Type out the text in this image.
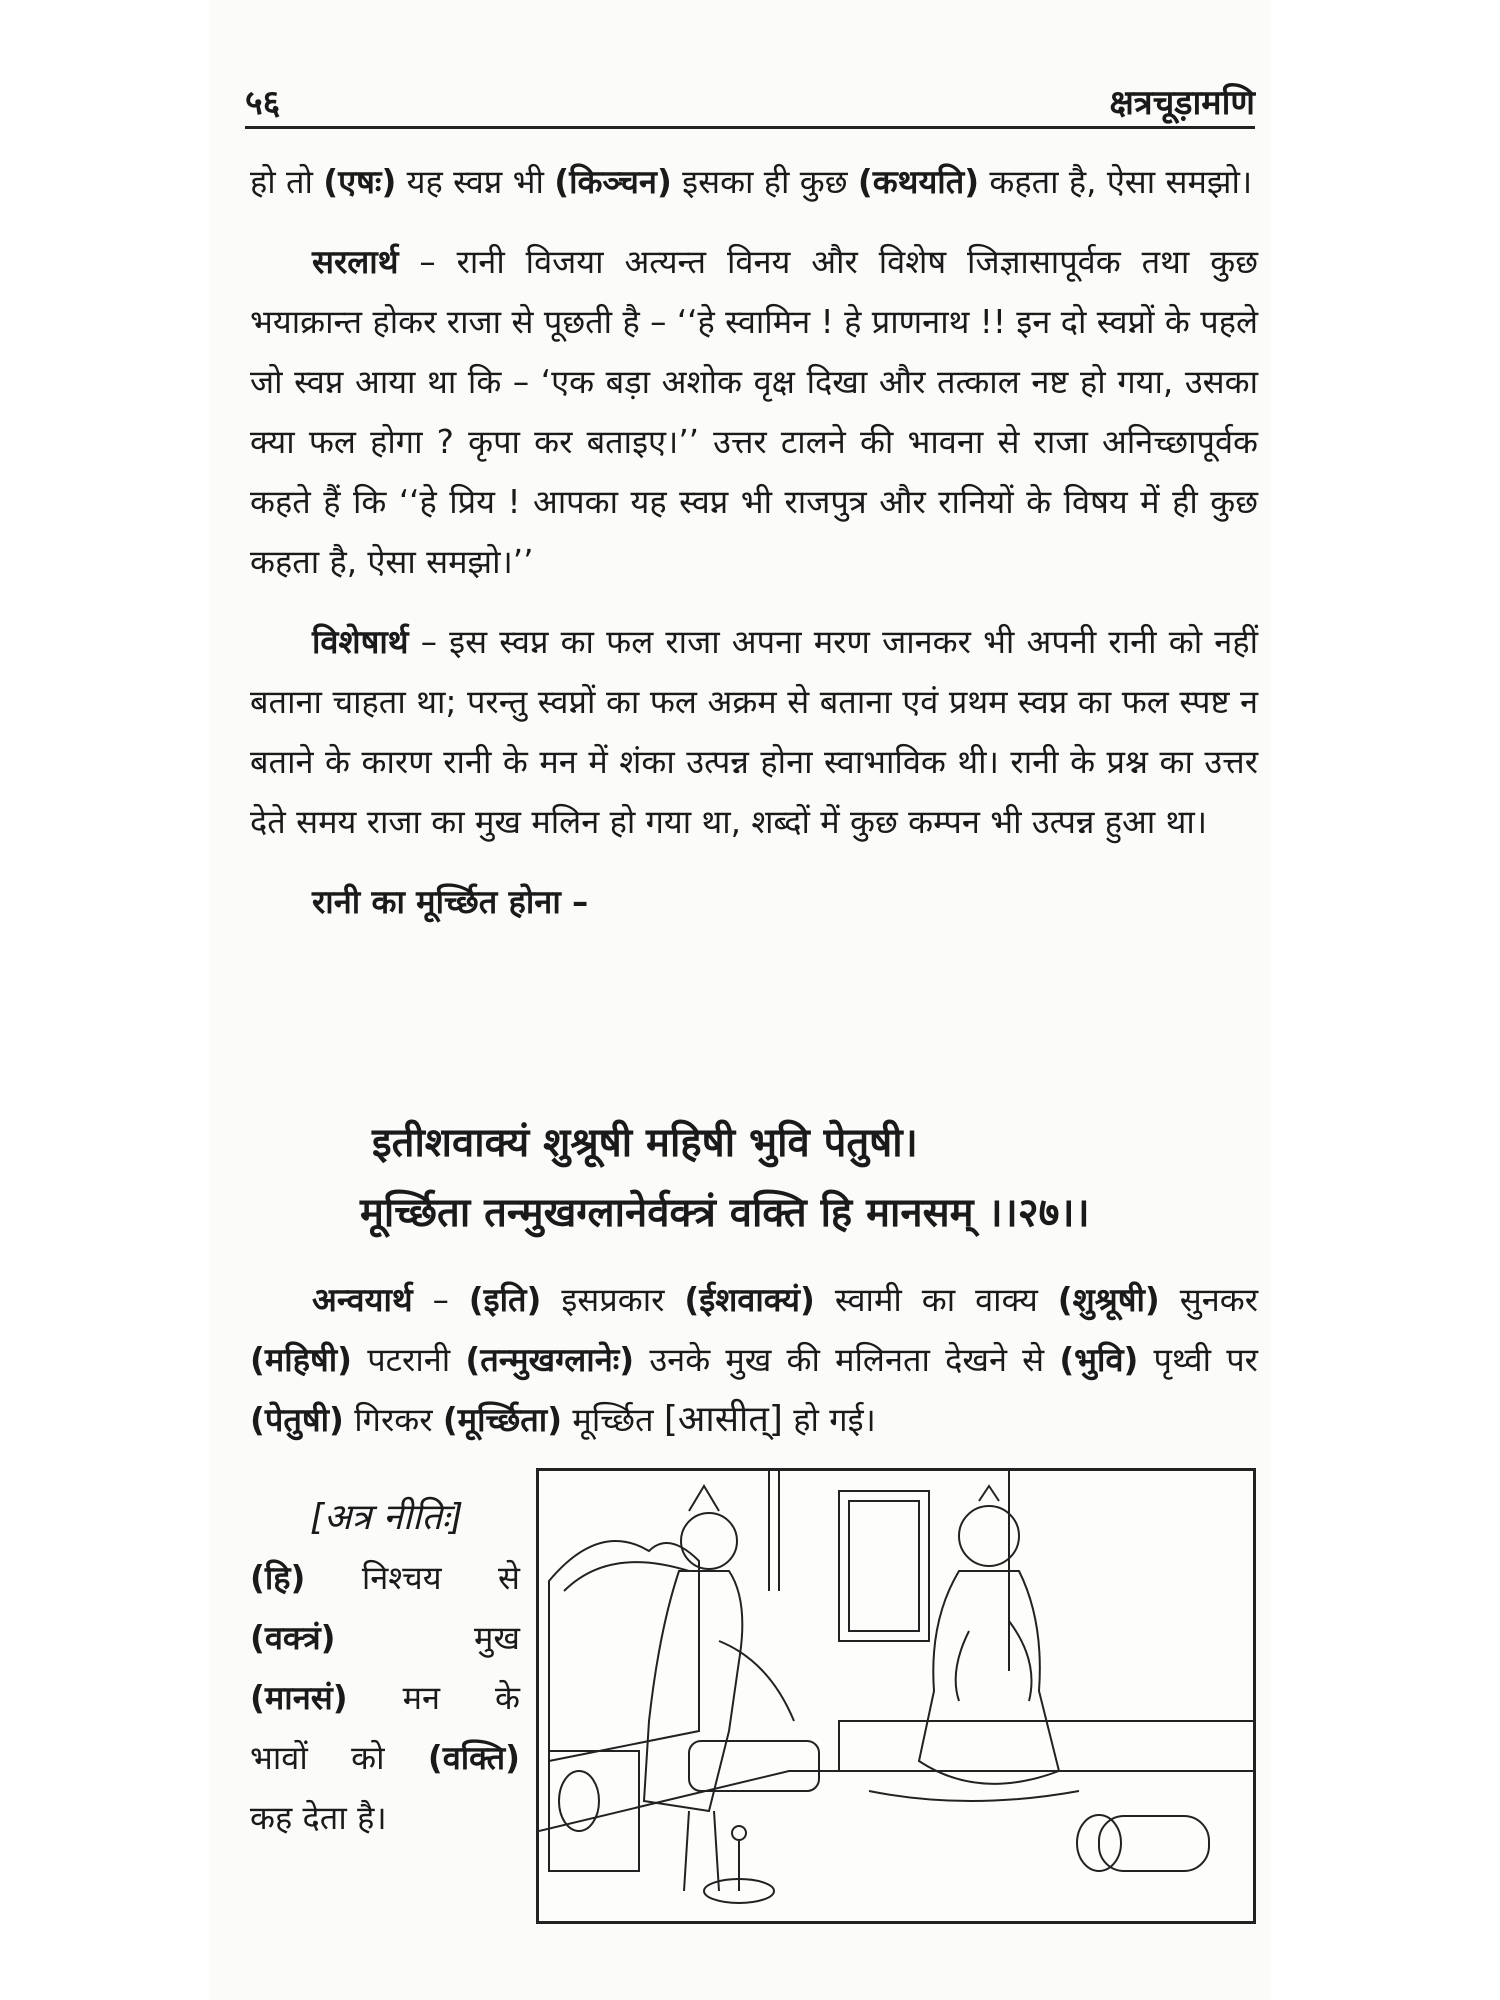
५६	क्षत्रचूड़ामणि

हो तो (एषः) यह स्वप्न भी (किञ्चन) इसका ही कुछ (कथयति) कहता है, ऐसा समझो।

सरलार्थ – रानी विजया अत्यन्त विनय और विशेष जिज्ञासापूर्वक तथा कुछ भयाक्रान्त होकर राजा से पूछती है – ‘‘हे स्वामिन ! हे प्राणनाथ !! इन दो स्वप्नों के पहले जो स्वप्न आया था कि – ‘एक बड़ा अशोक वृक्ष दिखा और तत्काल नष्ट हो गया, उसका क्या फल होगा ? कृपा कर बताइए।’’ उत्तर टालने की भावना से राजा अनिच्छापूर्वक कहते हैं कि ‘‘हे प्रिय ! आपका यह स्वप्न भी राजपुत्र और रानियों के विषय में ही कुछ कहता है, ऐसा समझो।’’

विशेषार्थ – इस स्वप्न का फल राजा अपना मरण जानकर भी अपनी रानी को नहीं बताना चाहता था; परन्तु स्वप्नों का फल अक्रम से बताना एवं प्रथम स्वप्न का फल स्पष्ट न बताने के कारण रानी के मन में शंका उत्पन्न होना स्वाभाविक थी। रानी के प्रश्न का उत्तर देते समय राजा का मुख मलिन हो गया था, शब्दों में कुछ कम्पन भी उत्पन्न हुआ था।

रानी का मूर्च्छित होना –

इतीशवाक्यं शुश्रूषी महिषी भुवि पेतुषी।
मूर्च्छिता तन्मुखग्लानेर्वक्त्रं वक्ति हि मानसम् ।।२७।।

अन्वयार्थ – (इति) इसप्रकार (ईशवाक्यं) स्वामी का वाक्य (शुश्रूषी) सुनकर (महिषी) पटरानी (तन्मुखग्लानेः) उनके मुख की मलिनता देखने से (भुवि) पृथ्वी पर (पेतुषी) गिरकर (मूर्च्छिता) मूर्च्छित [आसीत्] हो गई।

[अत्र नीतिः]
(हि) निश्चय से
(वक्त्रं)	मुख
(मानसं) मन के
भावों को (वक्ति)
कह देता है।
